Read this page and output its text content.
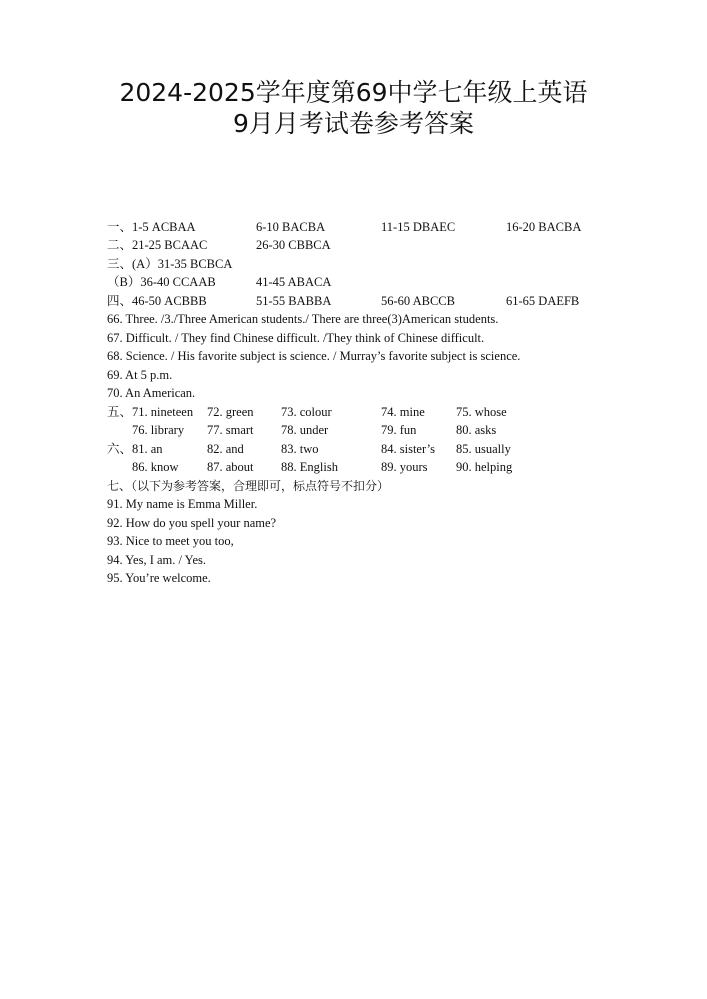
2024-2025学年度第69中学七年级上英语
9月月考试卷参考答案
一、1-5 ACBAA	6-10 BACBA	11-15 DBAEC	16-20 BACBA
二、21-25 BCAAC	26-30 CBBCA
三、(A）31-35 BCBCA
（B）36-40 CCAAB	41-45 ABACA
四、46-50 ACBBB	51-55 BABBA	56-60 ABCCB	61-65 DAEFB
66. Three. /3./Three American students./ There are three(3)American students.
67. Difficult. / They find Chinese difficult. /They think of Chinese difficult.
68. Science. / His favorite subject is science. / Murray’s favorite subject is science.
69. At 5 p.m.
70. An American.
五、71. nineteen 72. green 73. colour	74. mine	75. whose
76. library 77. smart 78. under	79. fun	80. asks
六、81. an	82. and	83. two	84. sister’s 85. usually
86. know 87. about 88. English	89. yours 90. helping
七、（以下为参考答案，合理即可，标点符号不扣分）
91. My name is Emma Miller.
92. How do you spell your name?
93. Nice to meet you too,
94. Yes, I am. / Yes.
95. You’re welcome.
